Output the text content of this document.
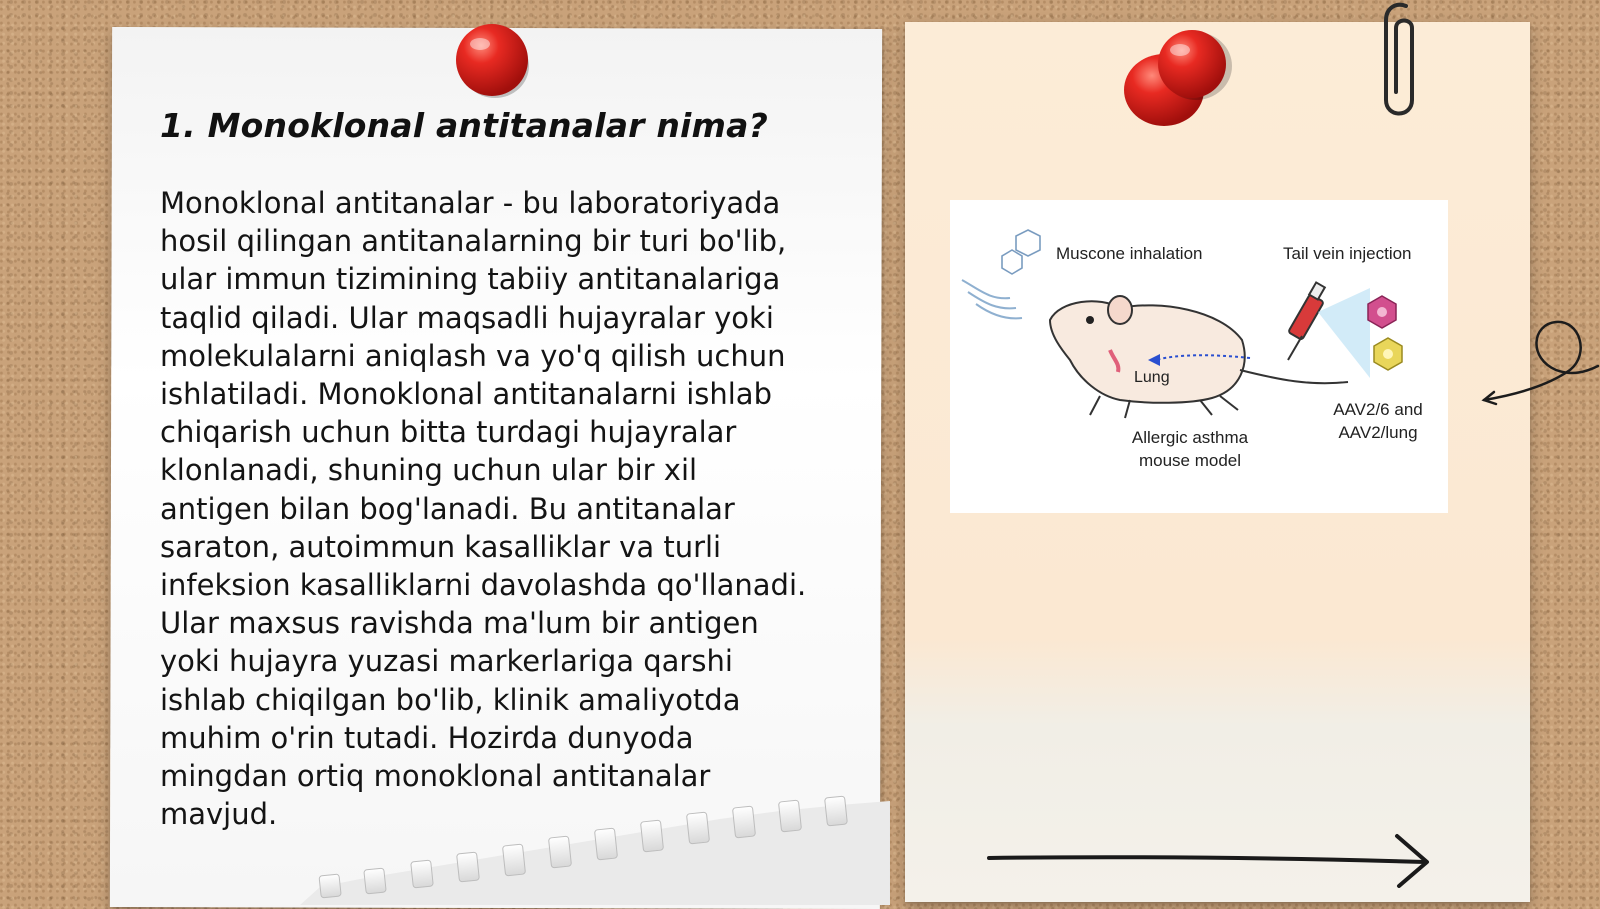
1. Monoklonal antitanalar nima?
Monoklonal antitanalar - bu laboratoriyada
hosil qilingan antitanalarning bir turi bo'lib,
ular immun tizimining tabiiy antitanalariga
taqlid qiladi. Ular maqsadli hujayralar yoki
molekulalarni aniqlash va yo'q qilish uchun
ishlatiladi. Monoklonal antitanalarni ishlab
chiqarish uchun bitta turdagi hujayralar
klonlanadi, shuning uchun ular bir xil
antigen bilan bog'lanadi. Bu antitanalar
saraton, autoimmun kasalliklar va turli
infeksion kasalliklarni davolashda qo'llanadi.
Ular maxsus ravishda ma'lum bir antigen
yoki hujayra yuzasi markerlariga qarshi
ishlab chiqilgan bo'lib, klinik amaliyotda
muhim o'rin tutadi. Hozirda dunyoda
mingdan ortiq monoklonal antitanalar
mavjud.
Muscone inhalation	Tail vein injection
Lung
Allergic asthma
mouse model
AAV2/6 and
AAV2/lung
